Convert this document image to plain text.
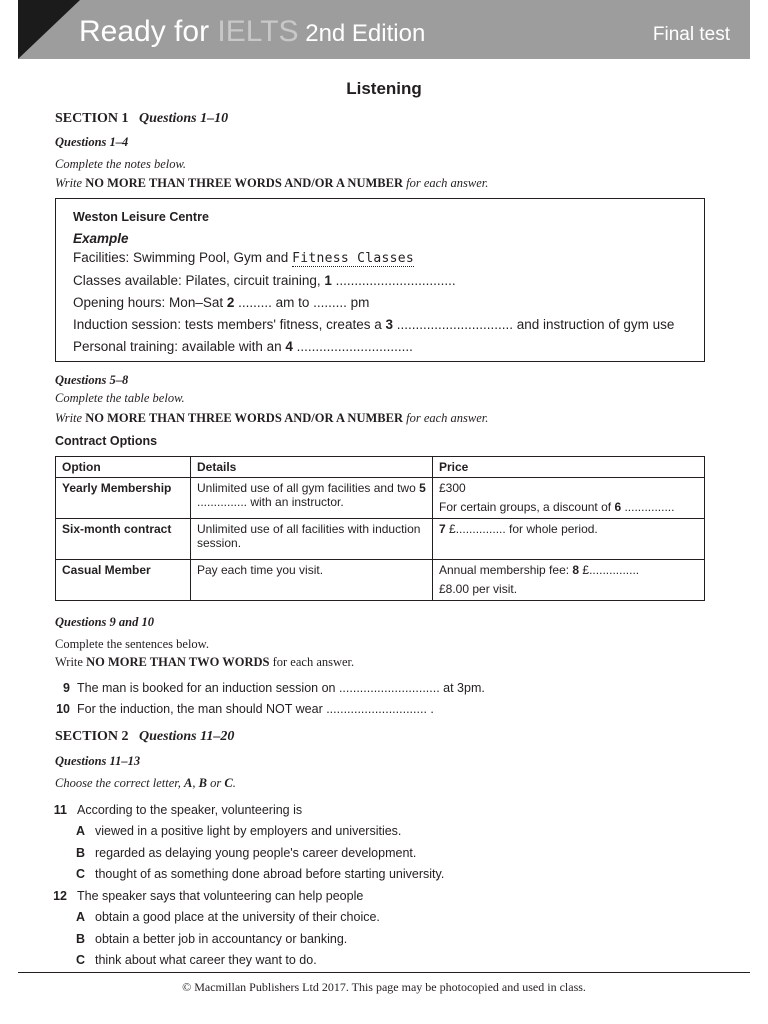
Ready for IELTS 2nd Edition	Final test
Listening
SECTION 1 Questions 1–10
Questions 1–4
Complete the notes below.
Write NO MORE THAN THREE WORDS AND/OR A NUMBER for each answer.
Weston Leisure Centre
Example
Facilities: Swimming Pool, Gym and Fitness Classes
Classes available: Pilates, circuit training, 1 ................................
Opening hours: Mon–Sat 2 ......... am to ......... pm
Induction session: tests members' fitness, creates a 3 ............................... and instruction of gym use
Personal training: available with an 4 ...............................
Questions 5–8
Complete the table below.
Write NO MORE THAN THREE WORDS AND/OR A NUMBER for each answer.
Contract Options
Option	Details	Price
Yearly Membership	Unlimited use of all gym facilities and two 5 ............... with an instructor.	£300
For certain groups, a discount of 6 ...............

Six-month contract	Unlimited use of all facilities with induction session.	7 £............... for whole period.
Casual Member	Pay each time you visit.	Annual membership fee: 8 £...............
£8.00 per visit.
Questions 9 and 10
Complete the sentences below.
Write NO MORE THAN TWO WORDS for each answer.
9 The man is booked for an induction session on ............................. at 3pm.
10 For the induction, the man should NOT wear ............................. .
SECTION 2 Questions 11–20
Questions 11–13
Choose the correct letter, A, B or C.
11 According to the speaker, volunteering is
A viewed in a positive light by employers and universities.
B regarded as delaying young people's career development.
C thought of as something done abroad before starting university.
12 The speaker says that volunteering can help people
A obtain a good place at the university of their choice.
B obtain a better job in accountancy or banking.
C think about what career they want to do.
© Macmillan Publishers Ltd 2017. This page may be photocopied and used in class.
